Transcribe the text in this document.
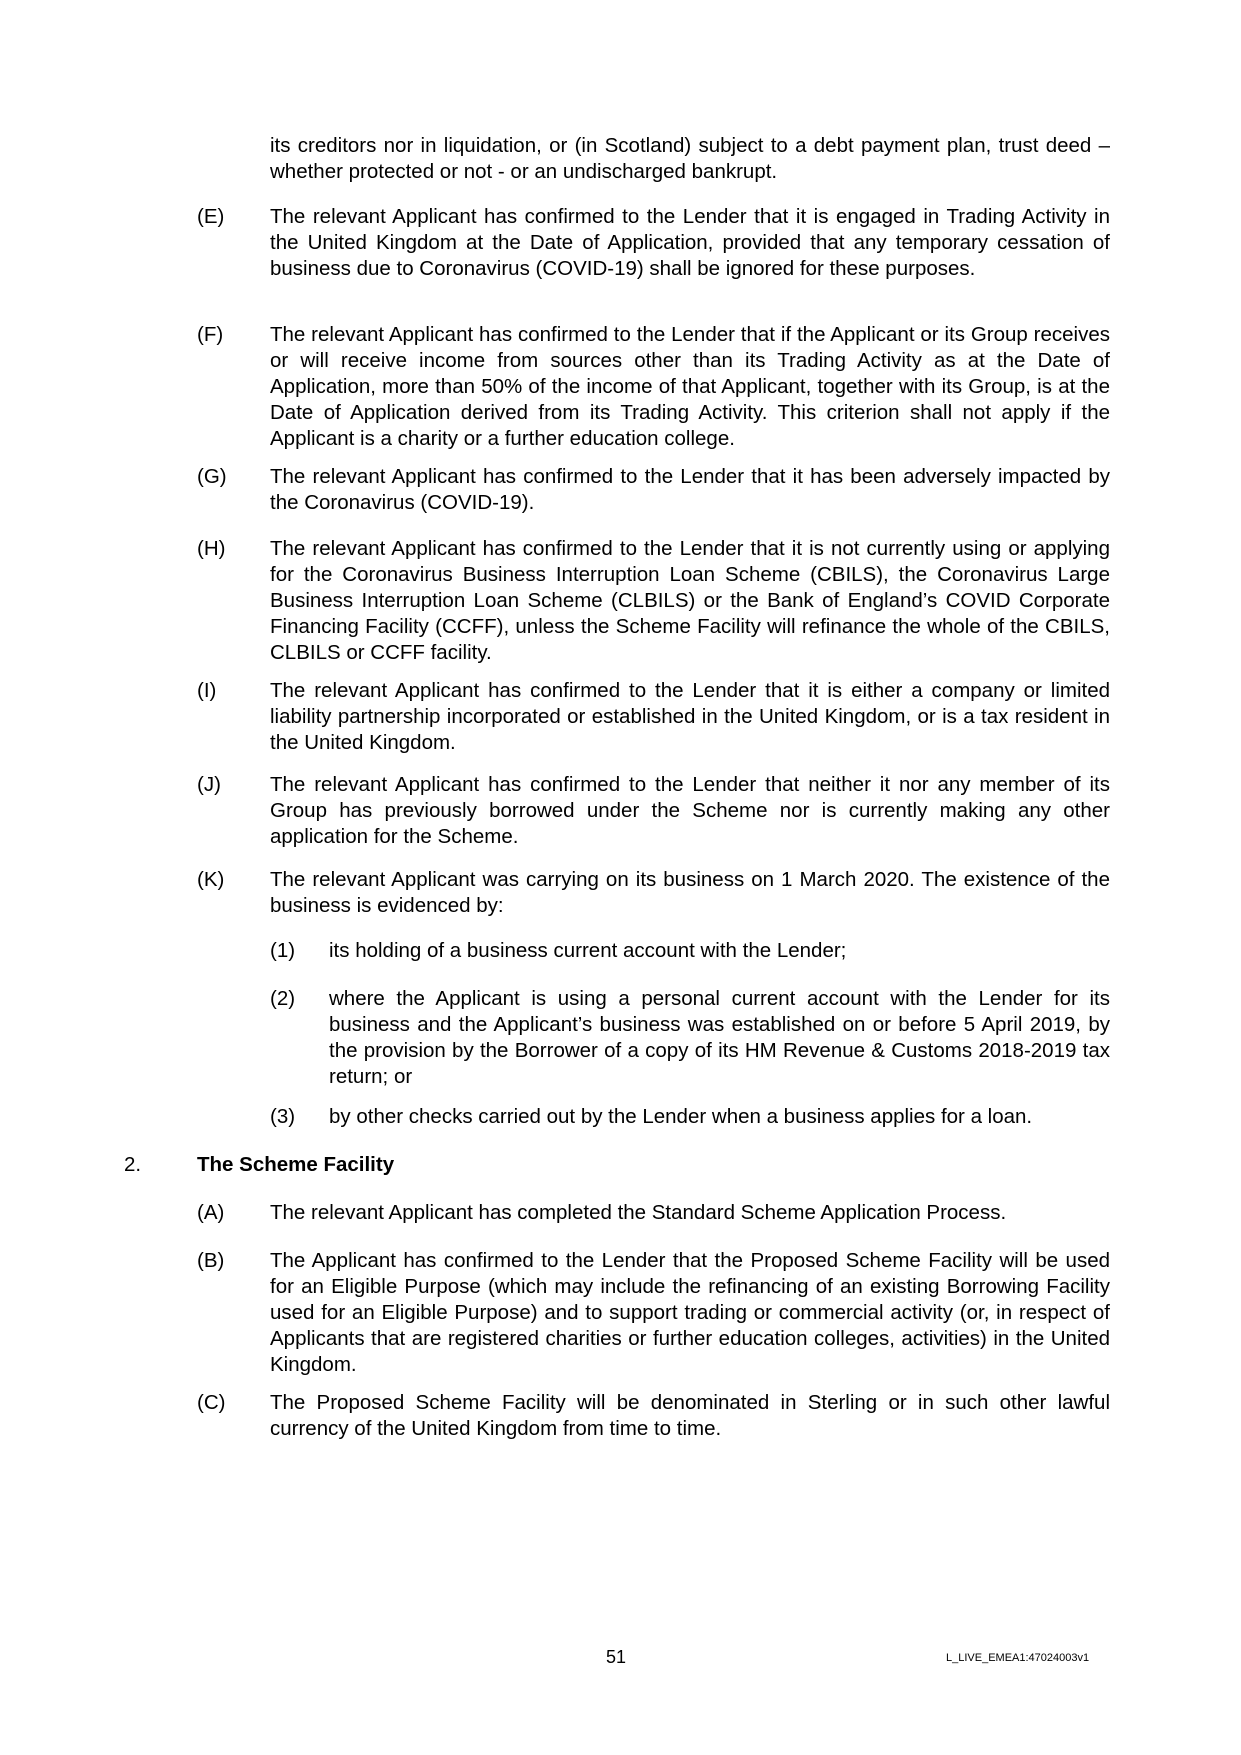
its creditors nor in liquidation, or (in Scotland) subject to a debt payment plan, trust deed – whether protected or not - or an undischarged bankrupt.
(E) The relevant Applicant has confirmed to the Lender that it is engaged in Trading Activity in the United Kingdom at the Date of Application, provided that any temporary cessation of business due to Coronavirus (COVID-19) shall be ignored for these purposes.
(F) The relevant Applicant has confirmed to the Lender that if the Applicant or its Group receives or will receive income from sources other than its Trading Activity as at the Date of Application, more than 50% of the income of that Applicant, together with its Group, is at the Date of Application derived from its Trading Activity. This criterion shall not apply if the Applicant is a charity or a further education college.
(G) The relevant Applicant has confirmed to the Lender that it has been adversely impacted by the Coronavirus (COVID-19).
(H) The relevant Applicant has confirmed to the Lender that it is not currently using or applying for the Coronavirus Business Interruption Loan Scheme (CBILS), the Coronavirus Large Business Interruption Loan Scheme (CLBILS) or the Bank of England’s COVID Corporate Financing Facility (CCFF), unless the Scheme Facility will refinance the whole of the CBILS, CLBILS or CCFF facility.
(I)	The relevant Applicant has confirmed to the Lender that it is either a company or limited liability partnership incorporated or established in the United Kingdom, or is a tax resident in the United Kingdom.
(J) The relevant Applicant has confirmed to the Lender that neither it nor any member of its Group has previously borrowed under the Scheme nor is currently making any other application for the Scheme.
(K) The relevant Applicant was carrying on its business on 1 March 2020. The existence of the business is evidenced by:
(1) its holding of a business current account with the Lender;
(2) where the Applicant is using a personal current account with the Lender for its business and the Applicant’s business was established on or before 5 April 2019, by the provision by the Borrower of a copy of its HM Revenue & Customs 2018-2019 tax return; or
(3) by other checks carried out by the Lender when a business applies for a loan.
2.	The Scheme Facility
(A) The relevant Applicant has completed the Standard Scheme Application Process.
(B) The Applicant has confirmed to the Lender that the Proposed Scheme Facility will be used for an Eligible Purpose (which may include the refinancing of an existing Borrowing Facility used for an Eligible Purpose) and to support trading or commercial activity (or, in respect of Applicants that are registered charities or further education colleges, activities) in the United Kingdom.
(C) The Proposed Scheme Facility will be denominated in Sterling or in such other lawful currency of the United Kingdom from time to time.
51	L_LIVE_EMEA1:47024003v1
